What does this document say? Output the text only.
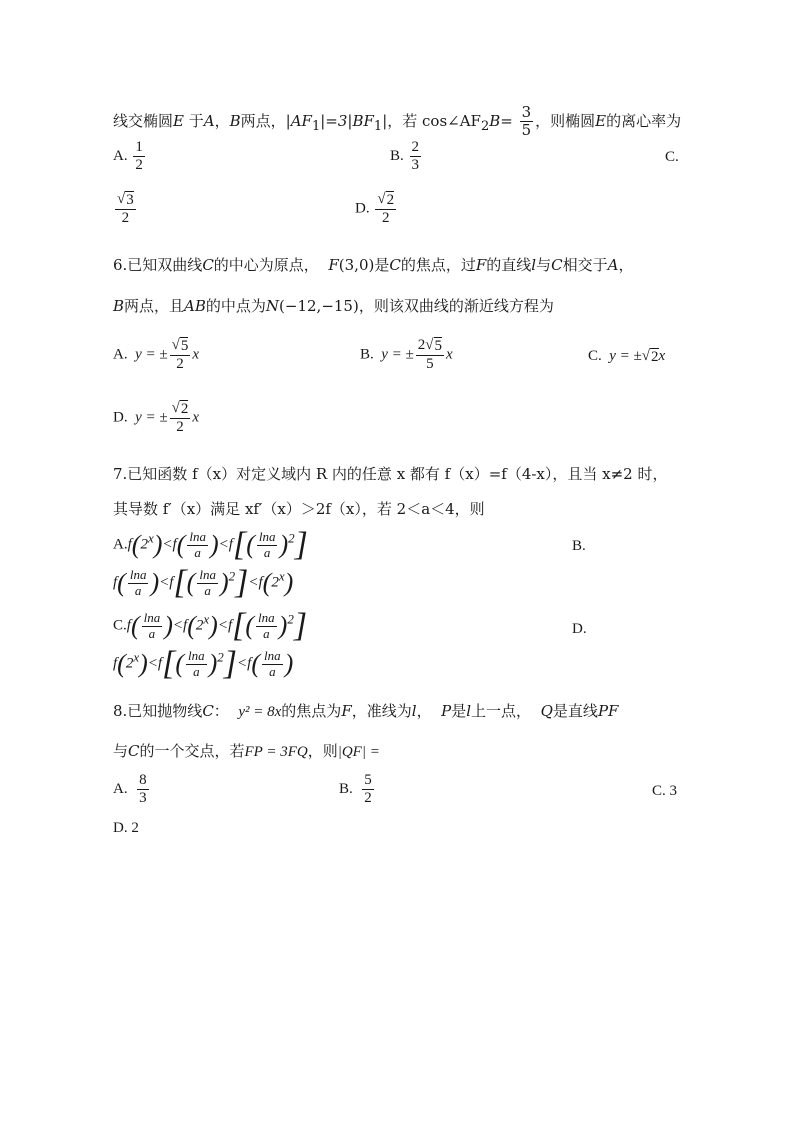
线交椭圆E 于A，B两点，$|AF_1|=3|BF_1|$，若 $\cos\angle AF_2B= \frac{3}{5}$ ，则椭圆E的离心率为
A. $\frac{1}{2}$	B. $\frac{2}{3}$	C.
$\frac{√ 3}{2}$	D. $\frac{√ 2}{2}$
6.已知双曲线C的中心为原点， F(3,0)是C的焦点，过F的直线l与C相交于A，
B两点，且AB的中点为N(−12,−15)，则该双曲线的渐近线方程为
A. y = ± $\frac{√ 5}{2}$ x	B. y = ± $\frac{2√ 5}{5}$ x	C. y = ±√ 2 x
D. y = ± $\frac{√ 2}{2}$ x
7.已知函数 f（x）对定义域内 R 内的任意 x 都有 f（x）=f（4-x），且当 x≠2 时，
其导数 f′（x）满足 xf′（x）＞2f（x），若 2＜a＜4，则
$A.f(2^x)<f( \frac{\ln a}{a} )<f[( \frac{\ln a}{a} )^2]$	B.
$f( \frac{\ln a}{a} )<f[( \frac{\ln a}{a} )^2]<f(2^x)$
$C.f( \frac{\ln a}{a} )<f(2^x)<f[( \frac{\ln a}{a} )^2]$	D.
$f(2^x)<f[( \frac{\ln a}{a} )^2]<f( \frac{\ln a}{a}$ )
8.已知抛物线C： y² = 8x的焦点为F，准线为l， P是l上一点， Q是直线PF
与C的一个交点，若FP = 3FQ，则|QF| =
A. $\frac{8}{3}$	B. $\frac{5}{2}$	C. 3
D. 2
